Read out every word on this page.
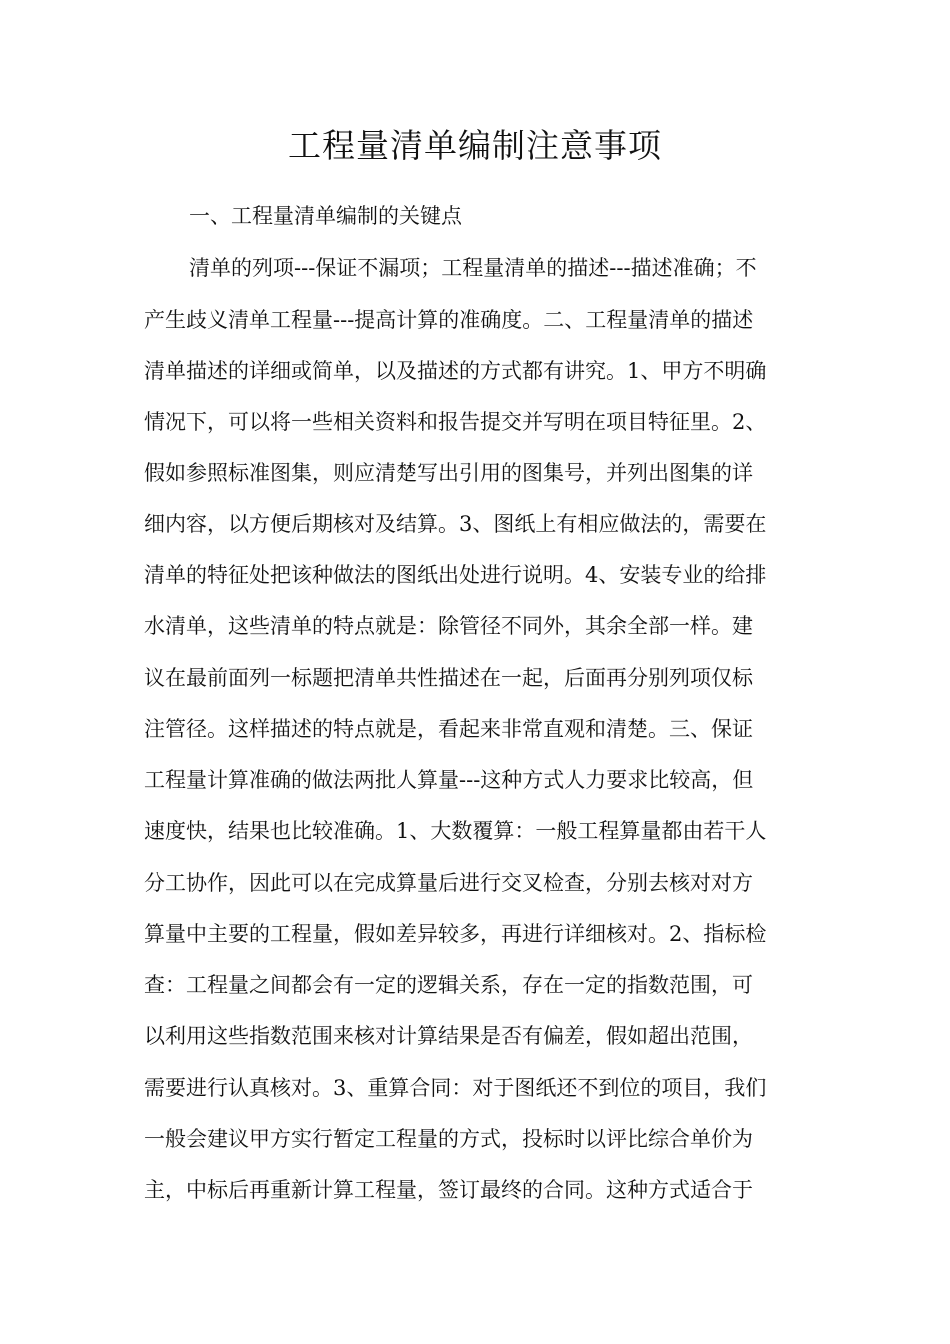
工程量清单编制注意事项
一、工程量清单编制的关键点
清单的列项---保证不漏项；工程量清单的描述---描述准确；不
产生歧义清单工程量---提高计算的准确度。二、工程量清单的描述
清单描述的详细或简单，以及描述的方式都有讲究。1、甲方不明确
情况下，可以将一些相关资料和报告提交并写明在项目特征里。2、
假如参照标准图集，则应清楚写出引用的图集号，并列出图集的详
细内容，以方便后期核对及结算。3、图纸上有相应做法的，需要在
清单的特征处把该种做法的图纸出处进行说明。4、安装专业的给排
水清单，这些清单的特点就是：除管径不同外，其余全部一样。建
议在最前面列一标题把清单共性描述在一起，后面再分别列项仅标
注管径。这样描述的特点就是，看起来非常直观和清楚。三、保证
工程量计算准确的做法两批人算量---这种方式人力要求比较高，但
速度快，结果也比较准确。1、大数覆算：一般工程算量都由若干人
分工协作，因此可以在完成算量后进行交叉检查，分别去核对对方
算量中主要的工程量，假如差异较多，再进行详细核对。2、指标检
查：工程量之间都会有一定的逻辑关系，存在一定的指数范围，可
以利用这些指数范围来核对计算结果是否有偏差，假如超出范围，
需要进行认真核对。3、重算合同：对于图纸还不到位的项目，我们
一般会建议甲方实行暂定工程量的方式，投标时以评比综合单价为
主，中标后再重新计算工程量，签订最终的合同。这种方式适合于
